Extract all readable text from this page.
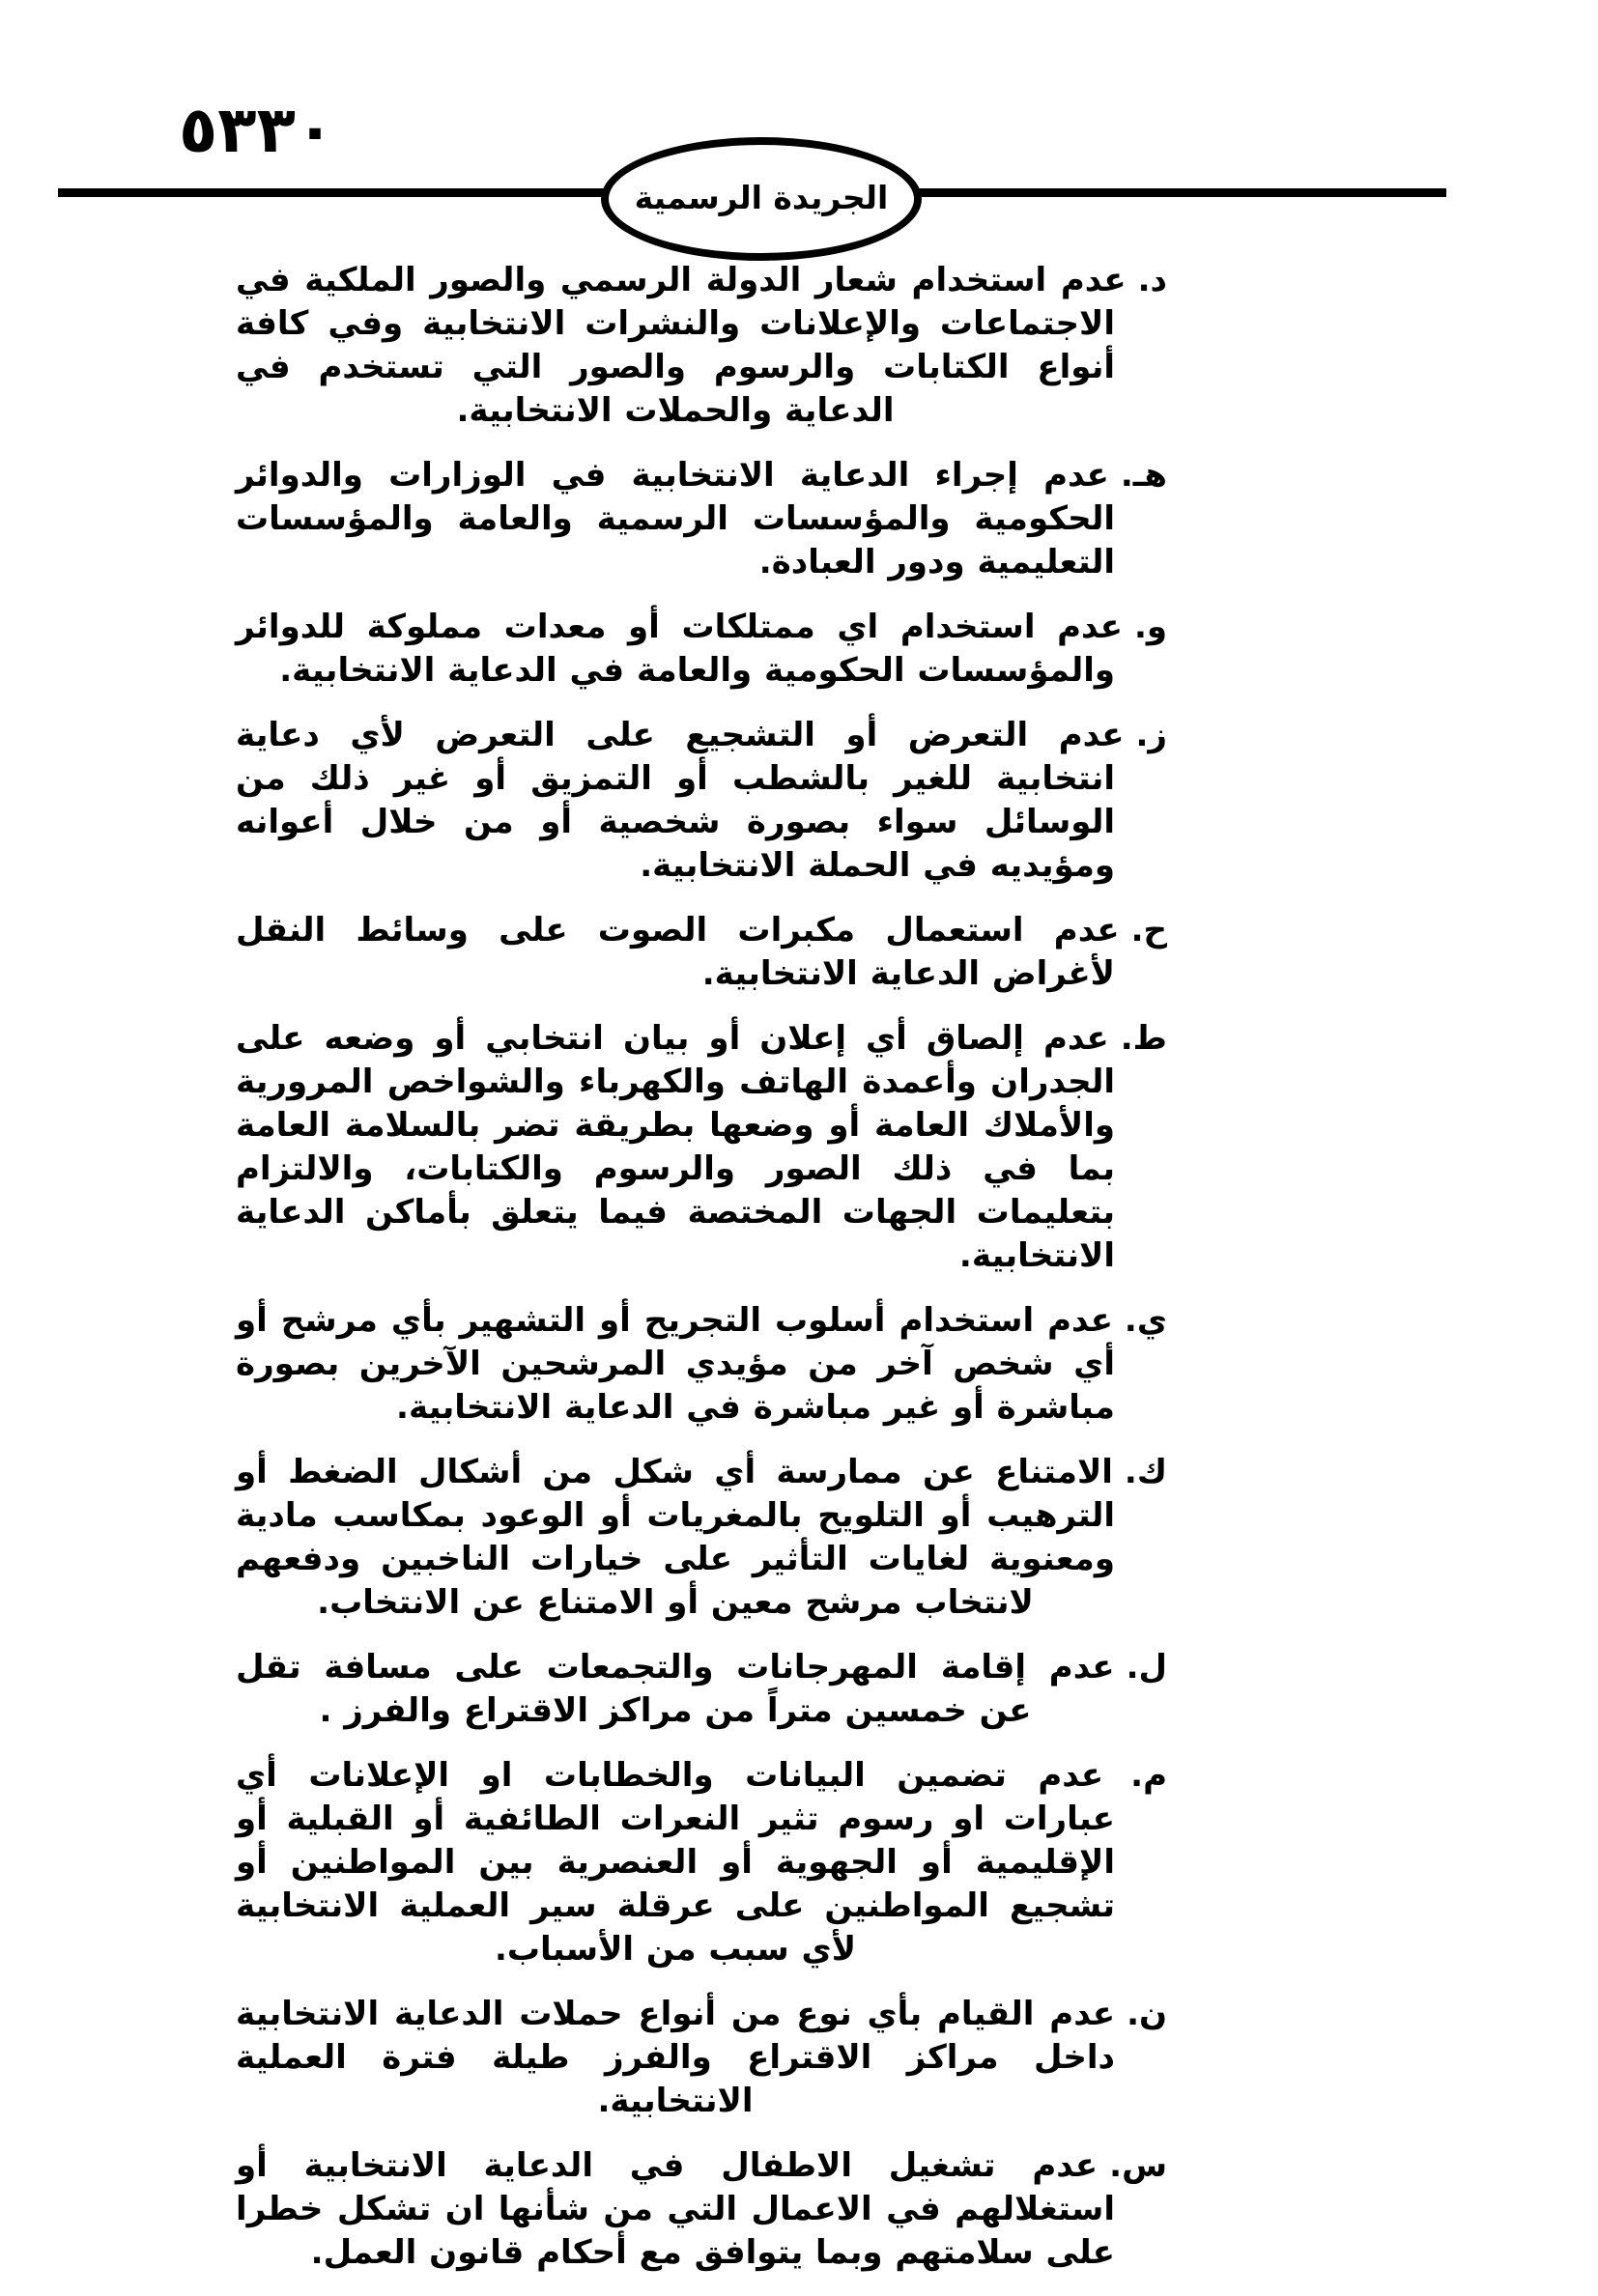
٥٣٣٠
الجريدة الرسمية
د.عدم استخدام شعار الدولة الرسمي والصور الملكية في الاجتماعات والإعلانات والنشرات الانتخابية وفي كافة أنواع الكتابات والرسوم والصور التي تستخدم في الدعاية والحملات الانتخابية.
هـ.عدم إجراء الدعاية الانتخابية في الوزارات والدوائر الحكومية والمؤسسات الرسمية والعامة والمؤسسات التعليمية ودور العبادة.
و.عدم استخدام اي ممتلكات أو معدات مملوكة للدوائر والمؤسسات الحكومية والعامة في الدعاية الانتخابية.
ز.عدم التعرض أو التشجيع على التعرض لأي دعاية انتخابية للغير بالشطب أو التمزيق أو غير ذلك من الوسائل سواء بصورة شخصية أو من خلال أعوانه ومؤيديه في الحملة الانتخابية.
ح.عدم استعمال مكبرات الصوت على وسائط النقل لأغراض الدعاية الانتخابية.
ط.عدم إلصاق أي إعلان أو بيان انتخابي أو وضعه على الجدران وأعمدة الهاتف والكهرباء والشواخص المرورية والأملاك العامة أو وضعها بطريقة تضر بالسلامة العامة بما في ذلك الصور والرسوم والكتابات، والالتزام بتعليمات الجهات المختصة فيما يتعلق بأماكن الدعاية الانتخابية.
ي.عدم استخدام أسلوب التجريح أو التشهير بأي مرشح أو أي شخص آخر من مؤيدي المرشحين الآخرين بصورة مباشرة أو غير مباشرة في الدعاية الانتخابية.
ك.الامتناع عن ممارسة أي شكل من أشكال الضغط أو الترهيب أو التلويح بالمغريات أو الوعود بمكاسب مادية ومعنوية لغايات التأثير على خيارات الناخبين ودفعهم لانتخاب مرشح معين أو الامتناع عن الانتخاب.
ل.عدم إقامة المهرجانات والتجمعات على مسافة تقل عن خمسين متراً من مراكز الاقتراع والفرز .
م.عدم تضمين البيانات والخطابات او الإعلانات أي عبارات او رسوم تثير النعرات الطائفية أو القبلية أو الإقليمية أو الجهوية أو العنصرية بين المواطنين أو تشجيع المواطنين على عرقلة سير العملية الانتخابية لأي سبب من الأسباب.
ن.عدم القيام بأي نوع من أنواع حملات الدعاية الانتخابية داخل مراكز الاقتراع والفرز طيلة فترة العملية الانتخابية.
س.عدم تشغيل الاطفال في الدعاية الانتخابية أو استغلالهم في الاعمال التي من شأنها ان تشكل خطرا على سلامتهم وبما يتوافق مع أحكام قانون العمل.
